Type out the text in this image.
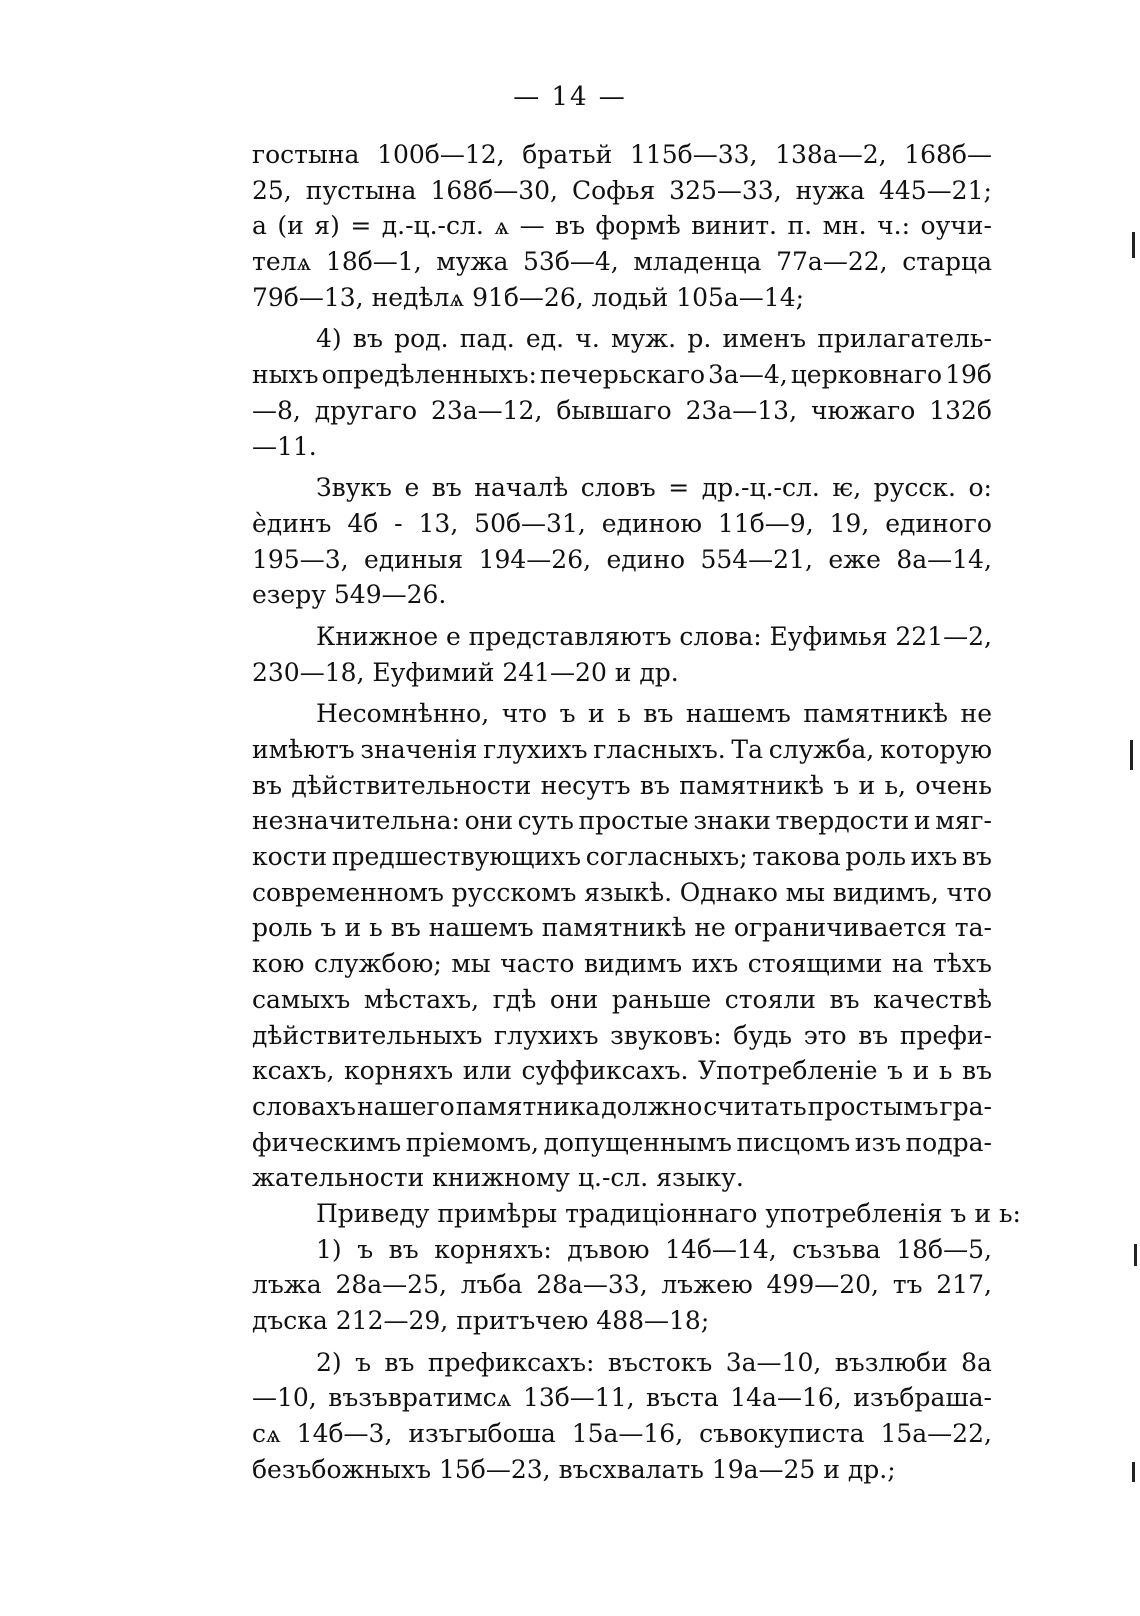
— 14 —
гостына 100б—12, братьй 115б—33, 138а—2, 168б—
25, пустына 168б—30, Софья 325—33, нужа 445—21;
а (и я) = д.-ц.-сл. ѧ — въ формѣ винит. п. мн. ч.: оучи-
телѧ 18б—1, мужа 53б—4, младенца 77а—22, старца
79б—13, недѣлѧ 91б—26, лодьй 105а—14;
4) въ род. пад. ед. ч. муж. р. именъ прилагатель-
ныхъ опредѣленныхъ: печерьскаго 3а—4, церковнаго 19б
—8, другаго 23а—12, бывшаго 23а—13, чюжаго 132б
—11.
Звукъ е въ началѣ словъ = др.-ц.-сл. ѥ, русск. о:
ѐдинъ 4б - 13, 50б—31, единою 11б—9, 19, единого
195—3, единыя 194—26, едино 554—21, еже 8а—14,
езеру 549—26.
Книжное е представляютъ слова: Еуфимья 221—2,
230—18, Еуфимий 241—20 и др.
Несомнѣнно, что ъ и ь въ нашемъ памятникѣ не
имѣютъ значенія глухихъ гласныхъ. Та служба, которую
въ дѣйствительности несутъ въ памятникѣ ъ и ь, очень
незначительна: они суть простые знаки твердости и мяг-
кости предшествующихъ согласныхъ; такова роль ихъ въ
современномъ русскомъ языкѣ. Однако мы видимъ, что
роль ъ и ь въ нашемъ памятникѣ не ограничивается та-
кою службою; мы часто видимъ ихъ стоящими на тѣхъ
самыхъ мѣстахъ, гдѣ они раньше стояли въ качествѣ
дѣйствительныхъ глухихъ звуковъ: будь это въ префи-
ксахъ, корняхъ или суффиксахъ. Употребленіе ъ и ь въ
словахъ нашего памятника должно считать простымъ гра-
фическимъ пріемомъ, допущеннымъ писцомъ изъ подра-
жательности книжному ц.-сл. языку.
Приведу примѣры традиціоннаго употребленія ъ и ь:
1) ъ въ корняхъ: дъвою 14б—14, съзъва 18б—5,
лъжа 28а—25, лъба 28а—33, лъжею 499—20, тъ 217,
дъска 212—29, притъчею 488—18;
2) ъ въ префиксахъ: въстокъ 3а—10, възлюби 8а
—10, възъвратимсѧ 13б—11, въста 14а—16, изъбраша-
сѧ 14б—3, изъгыбоша 15а—16, съвокуписта 15а—22,
безъбожныхъ 15б—23, въсхвалать 19а—25 и др.;
